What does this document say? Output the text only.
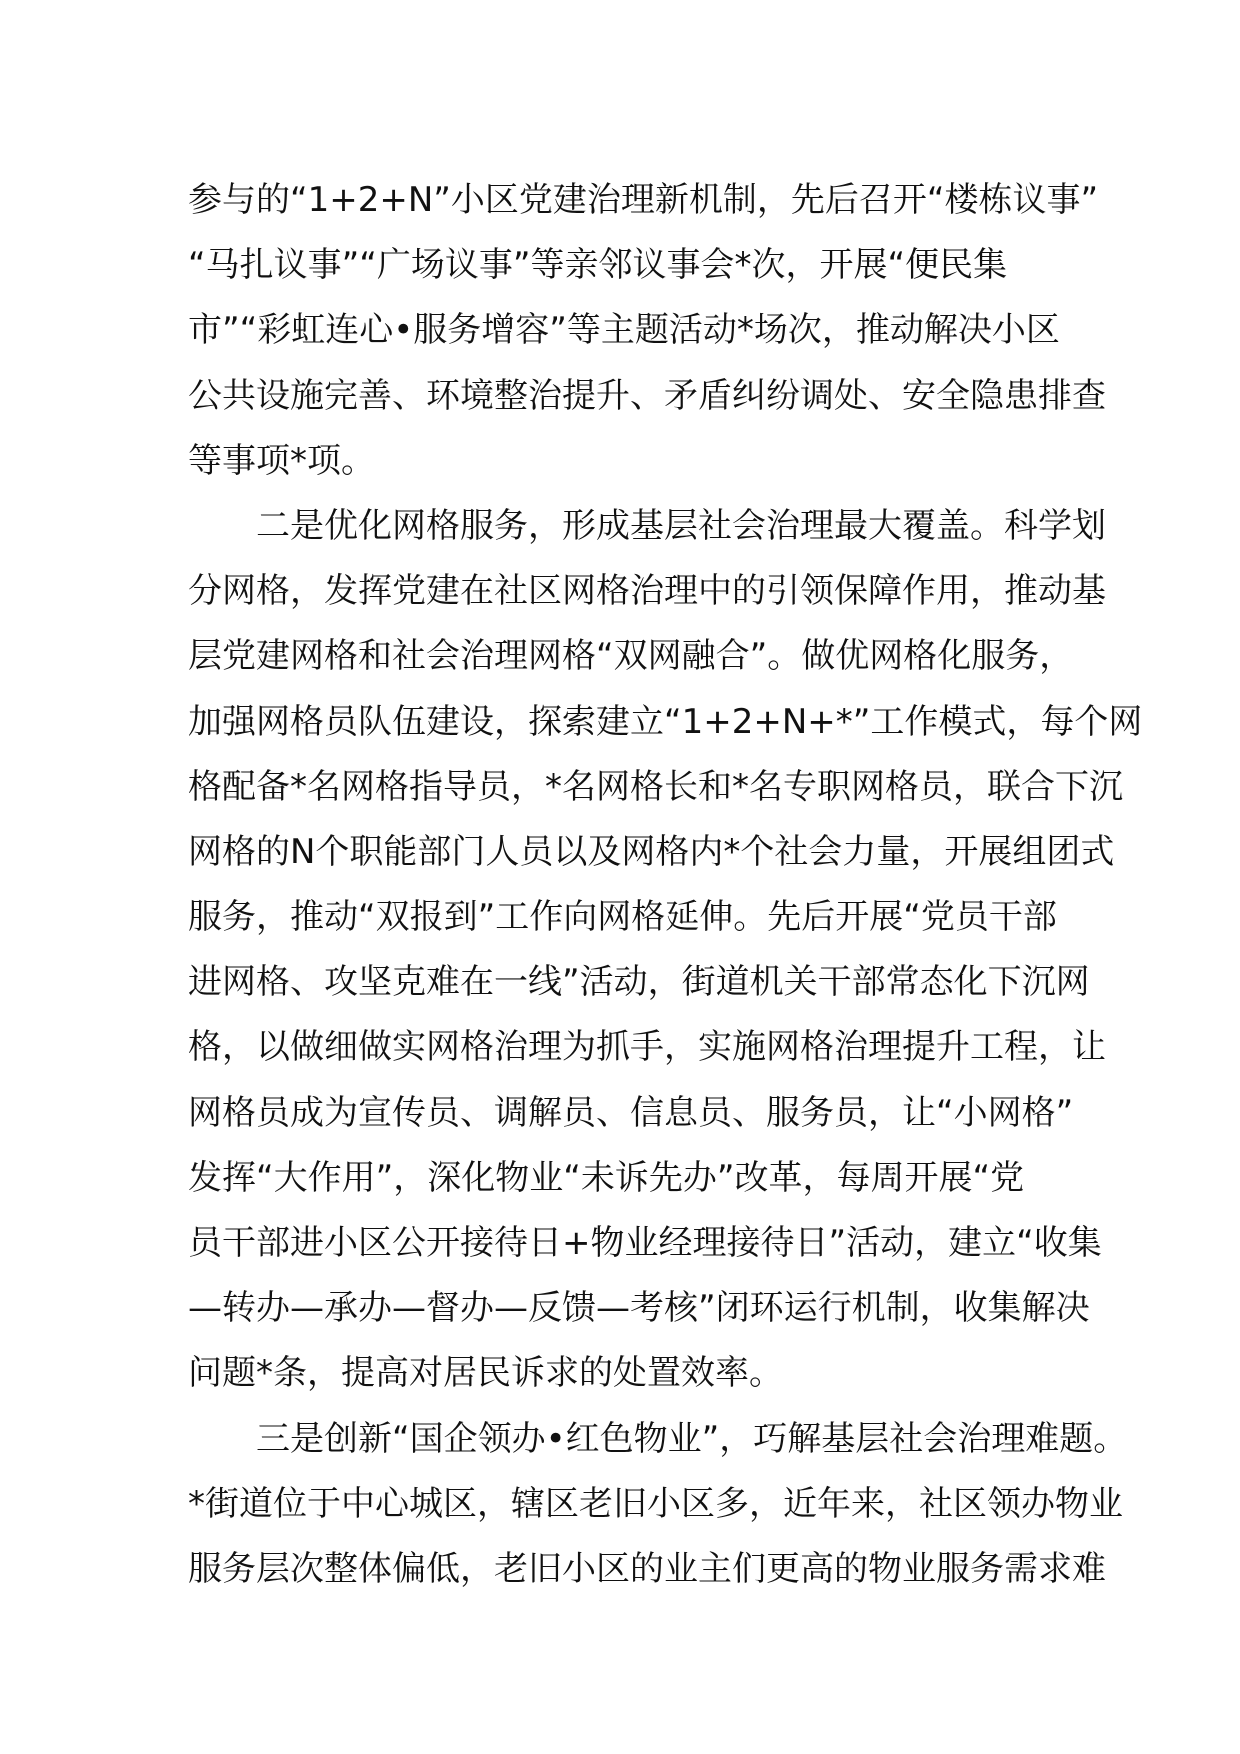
参与的“1+2+N”小区党建治理新机制，先后召开“楼栋议事”
“马扎议事”“广场议事”等亲邻议事会*次，开展“便民集
市”“彩虹连心•服务增容”等主题活动*场次，推动解决小区
公共设施完善、环境整治提升、矛盾纠纷调处、安全隐患排查
等事项*项。
二是优化网格服务，形成基层社会治理最大覆盖。科学划
分网格，发挥党建在社区网格治理中的引领保障作用，推动基
层党建网格和社会治理网格“双网融合”。做优网格化服务，
加强网格员队伍建设，探索建立“1+2+N+*”工作模式，每个网
格配备*名网格指导员，*名网格长和*名专职网格员，联合下沉
网格的N个职能部门人员以及网格内*个社会力量，开展组团式
服务，推动“双报到”工作向网格延伸。先后开展“党员干部
进网格、攻坚克难在一线”活动，街道机关干部常态化下沉网
格，以做细做实网格治理为抓手，实施网格治理提升工程，让
网格员成为宣传员、调解员、信息员、服务员，让“小网格”
发挥“大作用”，深化物业“未诉先办”改革，每周开展“党
员干部进小区公开接待日+物业经理接待日”活动，建立“收集
—转办—承办—督办—反馈—考核”闭环运行机制，收集解决
问题*条，提高对居民诉求的处置效率。
三是创新“国企领办•红色物业”，巧解基层社会治理难题。
*街道位于中心城区，辖区老旧小区多，近年来，社区领办物业
服务层次整体偏低，老旧小区的业主们更高的物业服务需求难
